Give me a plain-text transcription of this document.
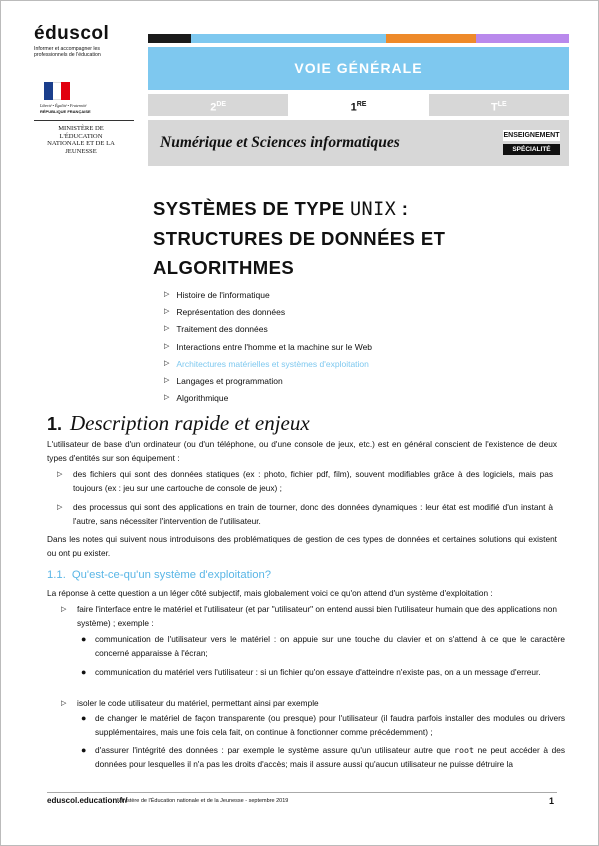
éduscol
Informer et accompagner les professionnels de l'éducation
Liberté • Égalité • Fraternité
RÉPUBLIQUE FRANÇAISE
MINISTÈRE DE L'ÉDUCATION NATIONALE ET DE LA JEUNESSE
VOIE GÉNÉRALE
2DE	1RE	$T^{LE}$
Numérique et Sciences informatiques	ENSEIGNEMENT
SPÉCIALITÉ
SYSTÈMES DE TYPE UNIX :
STRUCTURES DE DONNÉES ET
ALGORITHMES
▷ Histoire de l'informatique
▷ Représentation des données
▷ Traitement des données
▷ Interactions entre l'homme et la machine sur le Web
▷ Architectures matérielles et systèmes d'exploitation
▷ Langages et programmation
▷ Algorithmique
1. Description rapide et enjeux
L'utilisateur de base d'un ordinateur (ou d'un téléphone, ou d'une console de jeux, etc.) est en général conscient de l'existence de deux types d'entités sur son équipement :
▷ des fichiers qui sont des données statiques (ex : photo, fichier pdf, film), souvent modifiables grâce à des logiciels, mais pas toujours (ex : jeu sur une cartouche de console de jeux) ;
▷ des processus qui sont des applications en train de tourner, donc des données dynamiques : leur état est modifié d'un instant à l'autre, sans nécessiter l'intervention de l'utilisateur.
Dans les notes qui suivent nous introduisons des problématiques de gestion de ces types de données et certaines solutions qui existent ou ont pu exister.
1.1. Qu'est-ce-qu'un système d'exploitation?
La réponse à cette question a un léger côté subjectif, mais globalement voici ce qu'on attend d'un système d'exploitation :
▷ faire l'interface entre le matériel et l'utilisateur (et par "utilisateur" on entend aussi bien l'utilisateur humain que des applications non système) ; exemple :
● communication de l'utilisateur vers le matériel : on appuie sur une touche du clavier et on s'attend à ce que le caractère concerné apparaisse à l'écran;
● communication du matériel vers l'utilisateur : si un fichier qu'on essaye d'atteindre n'existe pas, on a un message d'erreur.
▷ isoler le code utilisateur du matériel, permettant ainsi par exemple
● de changer le matériel de façon transparente (ou presque) pour l'utilisateur (il faudra parfois installer des modules ou drivers supplémentaires, mais une fois cela fait, on continue à fonctionner comme précédemment) ;
● d'assurer l'intégrité des données : par exemple le système assure qu'un utilisateur autre que root ne peut accéder à des données pour lesquelles il n'a pas les droits d'accès; mais il assure aussi qu'aucun utilisateur ne puisse détruire la
eduscol.education.fr/
Ministère de l'Éducation nationale et de la Jeunesse - septembre 2019	1
